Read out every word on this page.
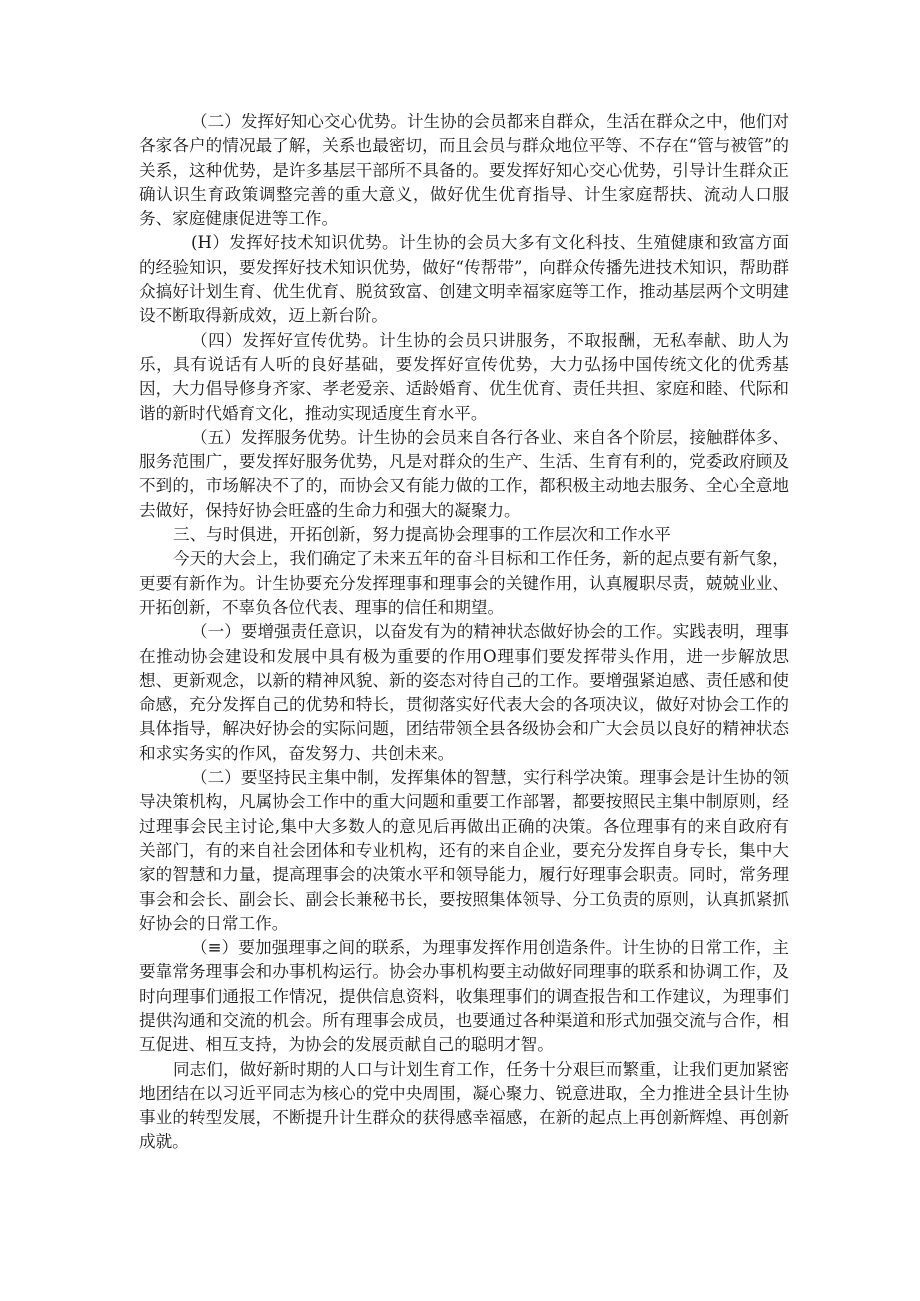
（二）发挥好知心交心优势。计生协的会员都来自群众，生活在群众之中，他们对各家各户的情况最了解，关系也最密切，而且会员与群众地位平等、不存在“管与被管”的关系，这种优势，是许多基层干部所不具备的。要发挥好知心交心优势，引导计生群众正确认识生育政策调整完善的重大意义，做好优生优育指导、计生家庭帮扶、流动人口服务、家庭健康促进等工作。

(H）发挥好技术知识优势。计生协的会员大多有文化科技、生殖健康和致富方面的经验知识，要发挥好技术知识优势，做好“传帮带”，向群众传播先进技术知识，帮助群众搞好计划生育、优生优育、脱贫致富、创建文明幸福家庭等工作，推动基层两个文明建设不断取得新成效，迈上新台阶。

（四）发挥好宣传优势。计生协的会员只讲服务，不取报酬，无私奉献、助人为乐，具有说话有人听的良好基础，要发挥好宣传优势，大力弘扬中国传统文化的优秀基因，大力倡导修身齐家、孝老爱亲、适龄婚育、优生优育、责任共担、家庭和睦、代际和谐的新时代婚育文化，推动实现适度生育水平。

（五）发挥服务优势。计生协的会员来自各行各业、来自各个阶层，接触群体多、服务范围广，要发挥好服务优势，凡是对群众的生产、生活、生育有利的，党委政府顾及不到的，市场解决不了的，而协会又有能力做的工作，都积极主动地去服务、全心全意地去做好，保持好协会旺盛的生命力和强大的凝聚力。

三、与时俱进，开拓创新，努力提高协会理事的工作层次和工作水平

今天的大会上，我们确定了未来五年的奋斗目标和工作任务，新的起点要有新气象，更要有新作为。计生协要充分发挥理事和理事会的关键作用，认真履职尽责，兢兢业业、开拓创新，不辜负各位代表、理事的信任和期望。

（一）要增强责任意识，以奋发有为的精神状态做好协会的工作。实践表明，理事在推动协会建设和发展中具有极为重要的作用O理事们要发挥带头作用，进一步解放思想、更新观念，以新的精神风貌、新的姿态对待自己的工作。要增强紧迫感、责任感和使命感，充分发挥自己的优势和特长，贯彻落实好代表大会的各项决议，做好对协会工作的具体指导，解决好协会的实际问题，团结带领全县各级协会和广大会员以良好的精神状态和求实务实的作风，奋发努力、共创未来。

（二）要坚持民主集中制，发挥集体的智慧，实行科学决策。理事会是计生协的领导决策机构，凡属协会工作中的重大问题和重要工作部署，都要按照民主集中制原则，经过理事会民主讨论,集中大多数人的意见后再做出正确的决策。各位理事有的来自政府有关部门，有的来自社会团体和专业机构，还有的来自企业，要充分发挥自身专长，集中大家的智慧和力量，提高理事会的决策水平和领导能力，履行好理事会职责。同时，常务理事会和会长、副会长、副会长兼秘书长，要按照集体领导、分工负责的原则，认真抓紧抓好协会的日常工作。

（≡）要加强理事之间的联系，为理事发挥作用创造条件。计生协的日常工作，主要靠常务理事会和办事机构运行。协会办事机构要主动做好同理事的联系和协调工作，及时向理事们通报工作情况，提供信息资料，收集理事们的调查报告和工作建议，为理事们提供沟通和交流的机会。所有理事会成员，也要通过各种渠道和形式加强交流与合作，相互促进、相互支持，为协会的发展贡献自己的聪明才智。

同志们，做好新时期的人口与计划生育工作，任务十分艰巨而繁重，让我们更加紧密地团结在以习近平同志为核心的党中央周围，凝心聚力、锐意进取，全力推进全县计生协事业的转型发展，不断提升计生群众的获得感幸福感，在新的起点上再创新辉煌、再创新成就。
